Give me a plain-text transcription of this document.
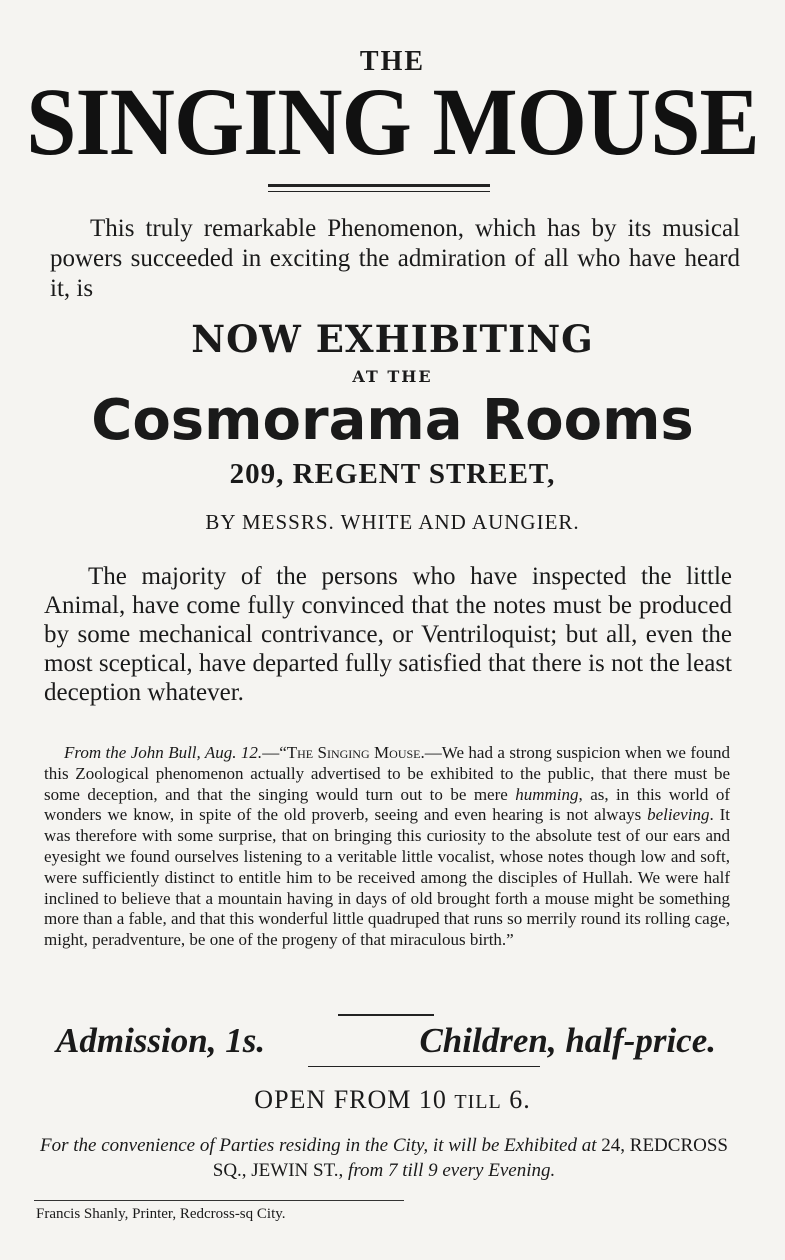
THE
SINGING MOUSE
This truly remarkable Phenomenon, which has by its musical powers succeeded in exciting the admiration of all who have heard it, is
NOW EXHIBITING
AT THE
Cosmorama Rooms
209, REGENT STREET,
BY MESSRS. WHITE AND AUNGIER.
The majority of the persons who have inspected the little Animal, have come fully convinced that the notes must be produced by some mechanical contrivance, or Ventriloquist; but all, even the most sceptical, have departed fully satisfied that there is not the least deception whatever.
From the John Bull, Aug. 12.—“The Singing Mouse.—We had a strong suspicion when we found this Zoological phenomenon actually advertised to be exhibited to the public, that there must be some deception, and that the singing would turn out to be mere humming, as, in this world of wonders we know, in spite of the old proverb, seeing and even hearing is not always believing. It was therefore with some surprise, that on bringing this curiosity to the absolute test of our ears and eyesight we found ourselves listening to a veritable little vocalist, whose notes though low and soft, were sufficiently distinct to entitle him to be received among the disciples of Hullah. We were half inclined to believe that a mountain having in days of old brought forth a mouse might be something more than a fable, and that this wonderful little quadruped that runs so merrily round its rolling cage, might, peradventure, be one of the progeny of that miraculous birth.”
Admission, 1s.	Children, half-price.
OPEN FROM 10 TILL 6.
For the convenience of Parties residing in the City, it will be Exhibited at 24, REDCROSS SQ., JEWIN ST., from 7 till 9 every Evening.
Francis Shanly, Printer, Redcross-sq City.
